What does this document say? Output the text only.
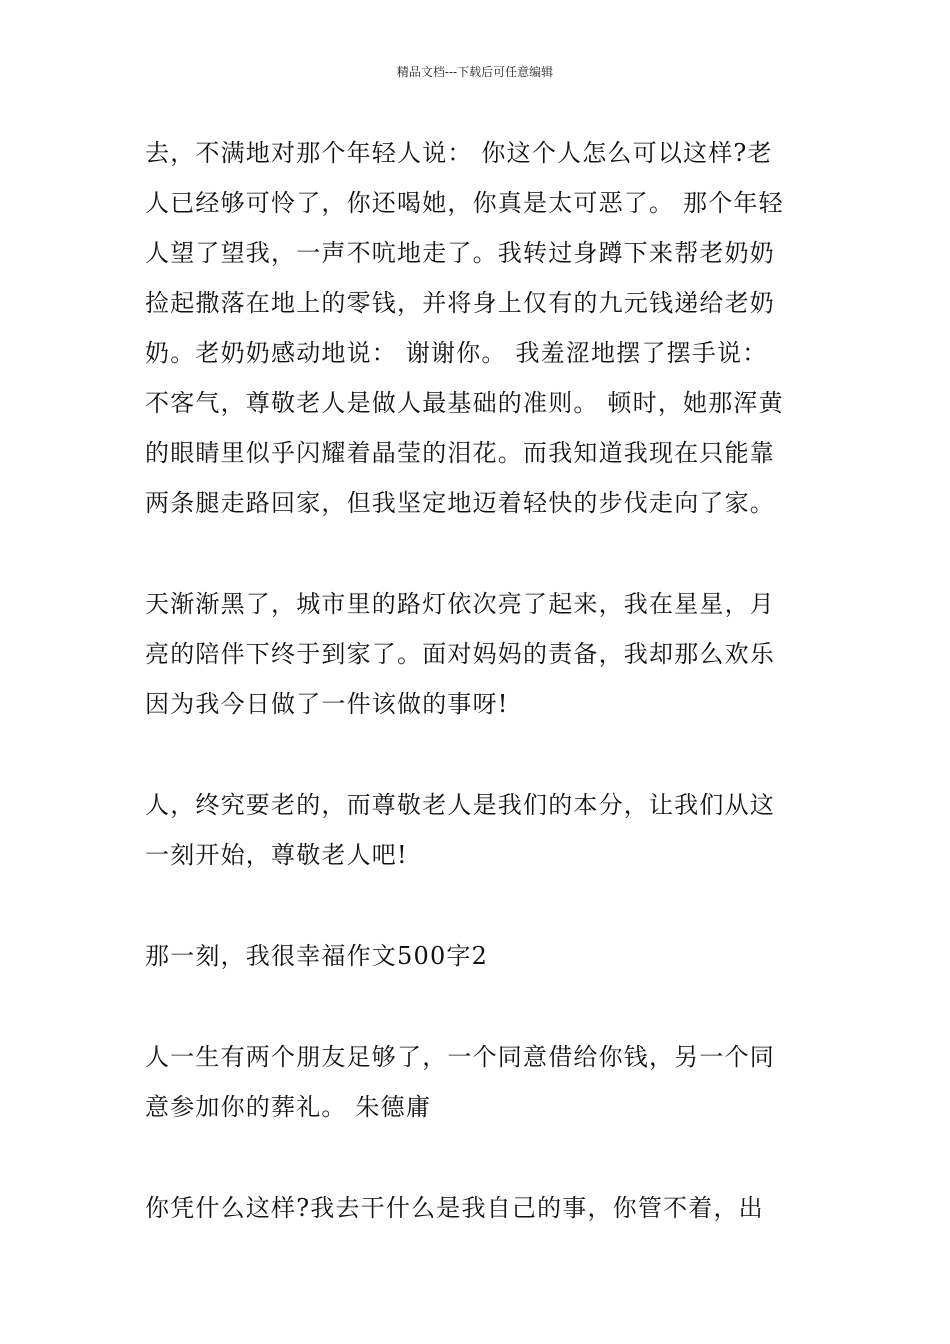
精品文档---下载后可任意编辑

去，不满地对那个年轻人说： 你这个人怎么可以这样?老
人已经够可怜了，你还喝她，你真是太可恶了。 那个年轻
人望了望我，一声不吭地走了。我转过身蹲下来帮老奶奶
捡起撒落在地上的零钱，并将身上仅有的九元钱递给老奶
奶。老奶奶感动地说： 谢谢你。 我羞涩地摆了摆手说：
不客气，尊敬老人是做人最基础的准则。 顿时，她那浑黄
的眼睛里似乎闪耀着晶莹的泪花。而我知道我现在只能靠
两条腿走路回家，但我坚定地迈着轻快的步伐走向了家。

天渐渐黑了，城市里的路灯依次亮了起来，我在星星，月
亮的陪伴下终于到家了。面对妈妈的责备，我却那么欢乐
因为我今日做了一件该做的事呀!

人，终究要老的，而尊敬老人是我们的本分，让我们从这
一刻开始，尊敬老人吧!

那一刻，我很幸福作文500字2

人一生有两个朋友足够了，一个同意借给你钱，另一个同
意参加你的葬礼。 朱德庸

你凭什么这样?我去干什么是我自己的事，你管不着，出
